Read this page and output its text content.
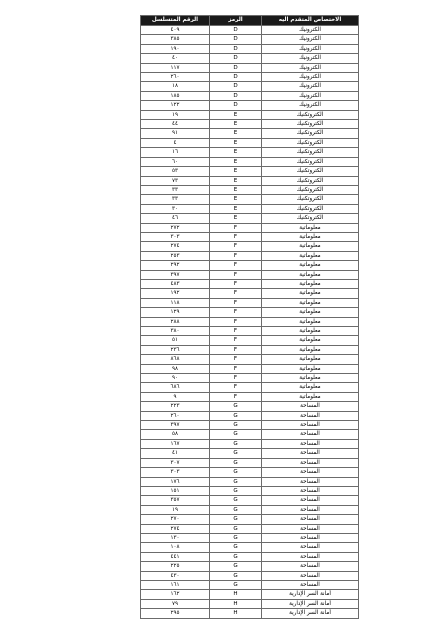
الرقم المتسلسل	الرمز	الاختصاص المتقدم اليه
٤٠٩	D	الكترونيك
٣٨٥	D	الكترونيك
١٩٠	D	الكترونيك
٤٠	D	الكترونيك
١١٧	D	الكترونيك
٢٦٠	D	الكترونيك
١٨	D	الكترونيك
١٨٥	D	الكترونيك
١٢٢	D	الكترونيك
١٩	E	الكتروتكنيك
٤٤	E	الكتروتكنيك
٩١	E	الكتروتكنيك
٤	E	الكتروتكنيك
١٦	E	الكتروتكنيك
٦٠	E	الكتروتكنيك
٥٣	E	الكتروتكنيك
٧٣	E	الكتروتكنيك
٣٣	E	الكتروتكنيك
٣٣	E	الكتروتكنيك
٣٠	E	الكتروتكنيك
٤٦	E	الكتروتكنيك
٢٧٢	F	معلوماتية
٣٠٣	F	معلوماتية
٢٧٤	F	معلوماتية
٢٥٣	F	معلوماتية
٢٩٢	F	معلوماتية
٣٩٧	F	معلوماتية
٤٨٣	F	معلوماتية
١٩٢	F	معلوماتية
١١٨	F	معلوماتية
١٢٩	F	معلوماتية
٢٨٨	F	معلوماتية
٣٨٠	F	معلوماتية
٥١	F	معلوماتية
٢٣٦	F	معلوماتية
٨٦٨	F	معلوماتية
٩٨	F	معلوماتية
٩٠	F	معلوماتية
٦٨٦	F	معلوماتية
٩	F	معلوماتية
٢٢٣	G	المساحة
٢٦٠	G	المساحة
٣٩٧	G	المساحة
٥٨	G	المساحة
١٦٧	G	المساحة
٤١	G	المساحة
٣٠٧	G	المساحة
٣٠٣	G	المساحة
١٧٦	G	المساحة
١٥١	G	المساحة
٣٥٧	G	المساحة
١٩	G	المساحة
٢٧٠	G	المساحة
٢٧٤	G	المساحة
١٣٠	G	المساحة
١٠٨	G	المساحة
٤٤١	G	المساحة
٢٢٥	G	المساحة
٤٣٠	G	المساحة
١٦١	G	المساحة
١٦٢	H	أمانة السر الإدارية
٧٩	H	أمانة السر الإدارية
٢٩٥	H	أمانة السر الإدارية
